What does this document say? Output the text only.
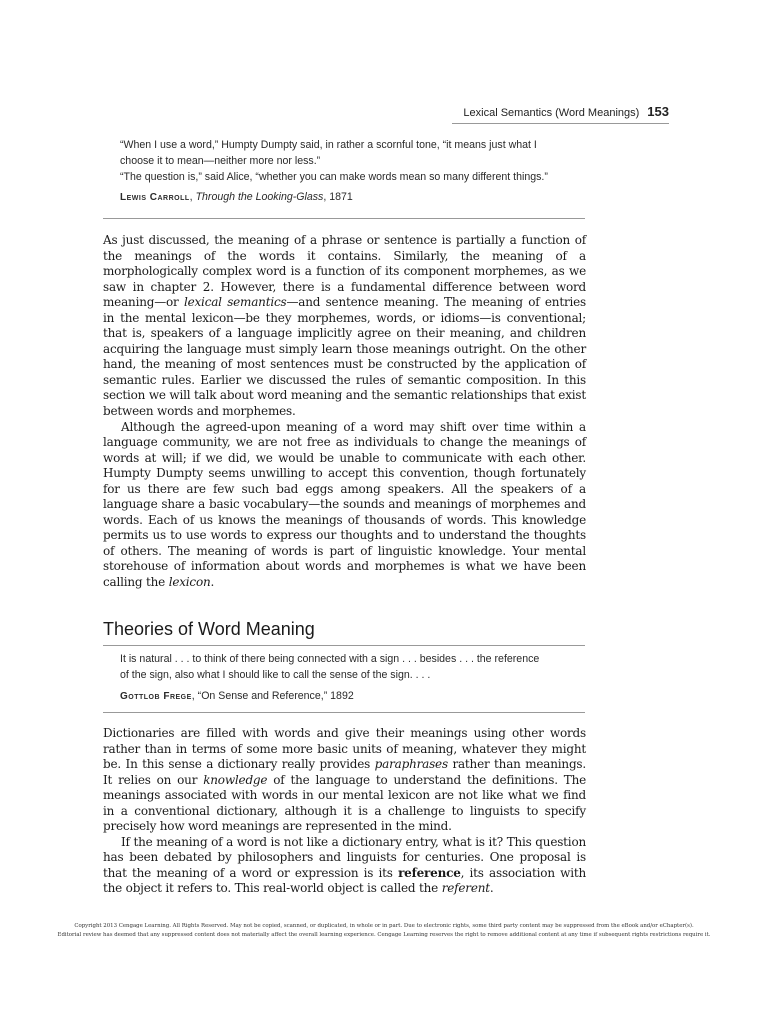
Lexical Semantics (Word Meanings) 153

“When I use a word,” Humpty Dumpty said, in rather a scornful tone, “it means just what I

choose it to mean—neither more nor less.”

“The question is,” said Alice, “whether you can make words mean so many different things.”

Lewis Carroll, Through the Looking-Glass, 1871

As just discussed, the meaning of a phrase or sentence is partially a function of the meanings of the words it contains. Similarly, the meaning of a morphologically complex word is a function of its component morphemes, as we saw in chapter 2. However, there is a fundamental difference between word meaning—or lexical semantics—and sentence meaning. The meaning of entries in the mental lexicon—be they morphemes, words, or idioms—is conventional; that is, speakers of a language implicitly agree on their meaning, and children acquiring the language must simply learn those meanings outright. On the other hand, the meaning of most sentences must be constructed by the application of semantic rules. Earlier we discussed the rules of semantic composition. In this section we will talk about word meaning and the semantic relationships that exist between words and morphemes.

Although the agreed-upon meaning of a word may shift over time within a language community, we are not free as individuals to change the meanings of words at will; if we did, we would be unable to communicate with each other. Humpty Dumpty seems unwilling to accept this convention, though fortunately for us there are few such bad eggs among speakers. All the speakers of a language share a basic vocabulary—the sounds and meanings of morphemes and words. Each of us knows the meanings of thousands of words. This knowledge permits us to use words to express our thoughts and to understand the thoughts of others. The meaning of words is part of linguistic knowledge. Your mental storehouse of information about words and morphemes is what we have been calling the lexicon.

Theories of Word Meaning

It is natural . . . to think of there being connected with a sign . . . besides . . . the reference

of the sign, also what I should like to call the sense of the sign. . . .

Gottlob Frege, “On Sense and Reference,” 1892

Dictionaries are filled with words and give their meanings using other words rather than in terms of some more basic units of meaning, whatever they might be. In this sense a dictionary really provides paraphrases rather than meanings. It relies on our knowledge of the language to understand the definitions. The meanings associated with words in our mental lexicon are not like what we find in a conventional dictionary, although it is a challenge to linguists to specify precisely how word meanings are represented in the mind.

If the meaning of a word is not like a dictionary entry, what is it? This question has been debated by philosophers and linguists for centuries. One proposal is that the meaning of a word or expression is its reference, its association with the object it refers to. This real-world object is called the referent.

Copyright 2013 Cengage Learning. All Rights Reserved. May not be copied, scanned, or duplicated, in whole or in part. Due to electronic rights, some third party content may be suppressed from the eBook and/or eChapter(s).

Editorial review has deemed that any suppressed content does not materially affect the overall learning experience. Cengage Learning reserves the right to remove additional content at any time if subsequent rights restrictions require it.
